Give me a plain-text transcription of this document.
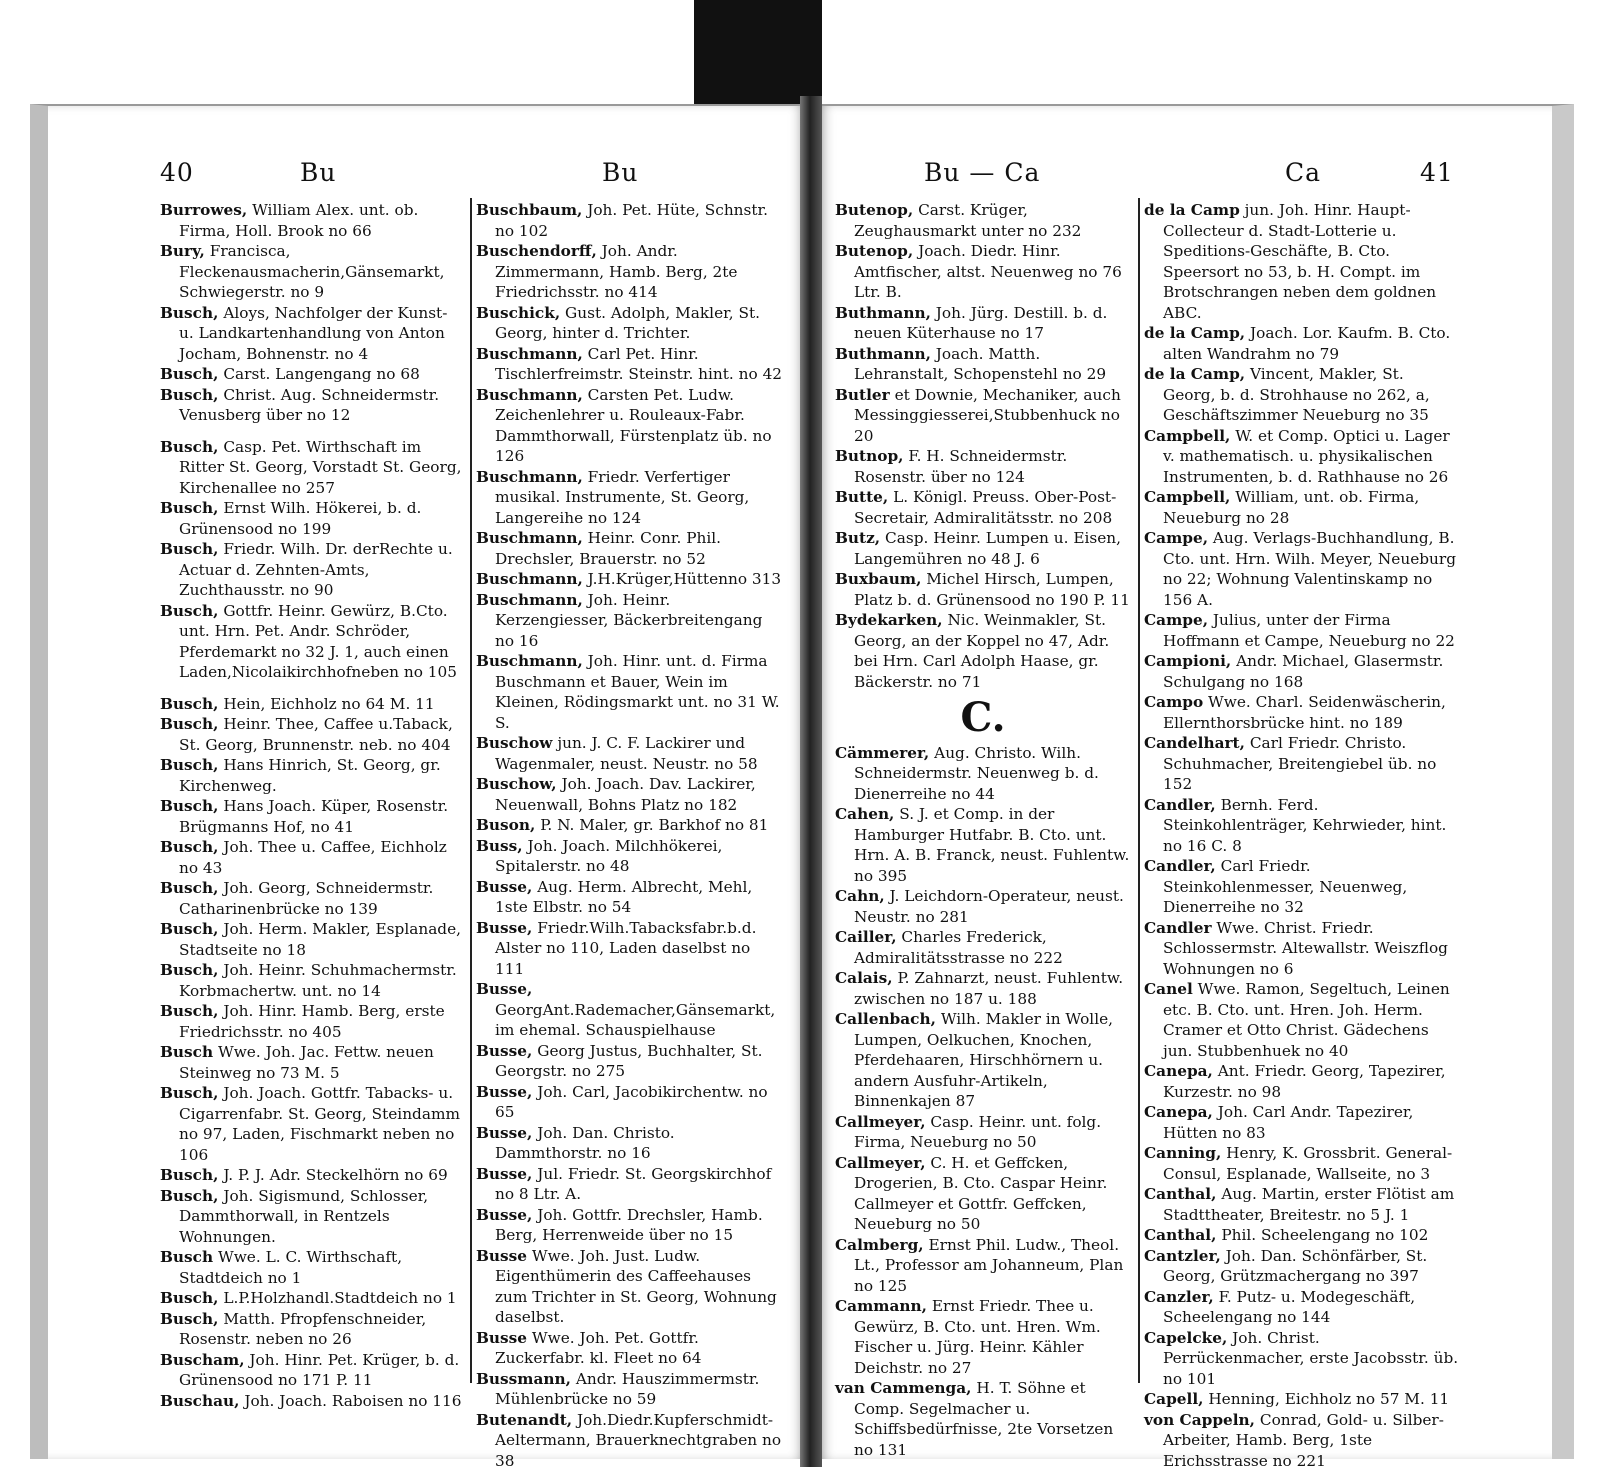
40	Bu	Bu	Bu — Ca	Ca	41

Burrowes, William Alex. unt. ob. Firma, Holl. Brook no 66

Bury, Francisca, Fleckenausmacherin,Gänsemarkt, Schwiegerstr. no 9

Busch, Aloys, Nachfolger der Kunst- u. Landkartenhandlung von Anton Jocham, Bohnenstr. no 4

Busch, Carst. Langengang no 68

Busch, Christ. Aug. Schneidermstr. Venusberg über no 12

Busch, Casp. Pet. Wirthschaft im Ritter St. Georg, Vorstadt St. Georg, Kirchenallee no 257

Busch, Ernst Wilh. Hökerei, b. d. Grünensood no 199

Busch, Friedr. Wilh. Dr. derRechte u. Actuar d. Zehnten-Amts, Zuchthausstr. no 90

Busch, Gottfr. Heinr. Gewürz, B.Cto. unt. Hrn. Pet. Andr. Schröder, Pferdemarkt no 32 J. 1, auch einen Laden,Nicolaikirchhofneben no 105

Busch, Hein, Eichholz no 64 M. 11

Busch, Heinr. Thee, Caffee u.Taback, St. Georg, Brunnenstr. neb. no 404

Busch, Hans Hinrich, St. Georg, gr. Kirchenweg.

Busch, Hans Joach. Küper, Rosenstr. Brügmanns Hof, no 41

Busch, Joh. Thee u. Caffee, Eichholz no 43

Busch, Joh. Georg, Schneidermstr. Catharinenbrücke no 139

Busch, Joh. Herm. Makler, Esplanade, Stadtseite no 18

Busch, Joh. Heinr. Schuhmachermstr. Korbmachertw. unt. no 14

Busch, Joh. Hinr. Hamb. Berg, erste Friedrichsstr. no 405

Busch Wwe. Joh. Jac. Fettw. neuen Steinweg no 73 M. 5

Busch, Joh. Joach. Gottfr. Tabacks- u. Cigarrenfabr. St. Georg, Steindamm no 97, Laden, Fischmarkt neben no 106

Busch, J. P. J. Adr. Steckelhörn no 69

Busch, Joh. Sigismund, Schlosser, Dammthorwall, in Rentzels Wohnungen.

Busch Wwe. L. C. Wirthschaft, Stadtdeich no 1

Busch, L.P.Holzhandl.Stadtdeich no 1

Busch, Matth. Pfropfenschneider, Rosenstr. neben no 26

Buscham, Joh. Hinr. Pet. Krüger, b. d. Grünensood no 171 P. 11

Buschau, Joh. Joach. Raboisen no 116

Buschbaum, Joh. Pet. Hüte, Schnstr. no 102

Buschendorff, Joh. Andr. Zimmermann, Hamb. Berg, 2te Friedrichsstr. no 414

Buschick, Gust. Adolph, Makler, St. Georg, hinter d. Trichter.

Buschmann, Carl Pet. Hinr. Tischlerfreimstr. Steinstr. hint. no 42

Buschmann, Carsten Pet. Ludw. Zeichenlehrer u. Rouleaux-Fabr. Dammthorwall, Fürstenplatz üb. no 126

Buschmann, Friedr. Verfertiger musikal. Instrumente, St. Georg, Langereihe no 124

Buschmann, Heinr. Conr. Phil. Drechsler, Brauerstr. no 52

Buschmann, J.H.Krüger,Hüttenno 313

Buschmann, Joh. Heinr. Kerzengiesser, Bäckerbreitengang no 16

Buschmann, Joh. Hinr. unt. d. Firma Buschmann et Bauer, Wein im Kleinen, Rödingsmarkt unt. no 31 W. S.

Buschow jun. J. C. F. Lackirer und Wagenmaler, neust. Neustr. no 58

Buschow, Joh. Joach. Dav. Lackirer, Neuenwall, Bohns Platz no 182

Buson, P. N. Maler, gr. Barkhof no 81

Buss, Joh. Joach. Milchhökerei, Spitalerstr. no 48

Busse, Aug. Herm. Albrecht, Mehl, 1ste Elbstr. no 54

Busse, Friedr.Wilh.Tabacksfabr.b.d. Alster no 110, Laden daselbst no 111

Busse, GeorgAnt.Rademacher,Gänsemarkt, im ehemal. Schauspielhause

Busse, Georg Justus, Buchhalter, St. Georgstr. no 275

Busse, Joh. Carl, Jacobikirchentw. no 65

Busse, Joh. Dan. Christo. Dammthorstr. no 16

Busse, Jul. Friedr. St. Georgskirchhof no 8 Ltr. A.

Busse, Joh. Gottfr. Drechsler, Hamb. Berg, Herrenweide über no 15

Busse Wwe. Joh. Just. Ludw. Eigenthümerin des Caffeehauses zum Trichter in St. Georg, Wohnung daselbst.

Busse Wwe. Joh. Pet. Gottfr. Zuckerfabr. kl. Fleet no 64

Bussmann, Andr. Hauszimmermstr. Mühlenbrücke no 59

Butenandt, Joh.Diedr.Kupferschmidt-Aeltermann, Brauerknechtgraben no 38

Butenop, Carst. Krüger, Zeughausmarkt unter no 232

Butenop, Joach. Diedr. Hinr. Amtfischer, altst. Neuenweg no 76 Ltr. B.

Buthmann, Joh. Jürg. Destill. b. d. neuen Küterhause no 17

Buthmann, Joach. Matth. Lehranstalt, Schopenstehl no 29

Butler et Downie, Mechaniker, auch Messinggiesserei,Stubbenhuck no 20

Butnop, F. H. Schneidermstr. Rosenstr. über no 124

Butte, L. Königl. Preuss. Ober-Post-Secretair, Admiralitätsstr. no 208

Butz, Casp. Heinr. Lumpen u. Eisen, Langemühren no 48 J. 6

Buxbaum, Michel Hirsch, Lumpen, Platz b. d. Grünensood no 190 P. 11

Bydekarken, Nic. Weinmakler, St. Georg, an der Koppel no 47, Adr. bei Hrn. Carl Adolph Haase, gr. Bäckerstr. no 71

C.

Cämmerer, Aug. Christo. Wilh. Schneidermstr. Neuenweg b. d. Dienerreihe no 44

Cahen, S. J. et Comp. in der Hamburger Hutfabr. B. Cto. unt. Hrn. A. B. Franck, neust. Fuhlentw. no 395

Cahn, J. Leichdorn-Operateur, neust. Neustr. no 281

Cailler, Charles Frederick, Admiralitätsstrasse no 222

Calais, P. Zahnarzt, neust. Fuhlentw. zwischen no 187 u. 188

Callenbach, Wilh. Makler in Wolle, Lumpen, Oelkuchen, Knochen, Pferdehaaren, Hirschhörnern u. andern Ausfuhr-Artikeln, Binnenkajen 87

Callmeyer, Casp. Heinr. unt. folg. Firma, Neueburg no 50

Callmeyer, C. H. et Geffcken, Drogerien, B. Cto. Caspar Heinr. Callmeyer et Gottfr. Geffcken, Neueburg no 50

Calmberg, Ernst Phil. Ludw., Theol. Lt., Professor am Johanneum, Plan no 125

Cammann, Ernst Friedr. Thee u. Gewürz, B. Cto. unt. Hren. Wm. Fischer u. Jürg. Heinr. Kähler Deichstr. no 27

van Cammenga, H. T. Söhne et Comp. Segelmacher u. Schiffsbedürfnisse, 2te Vorsetzen no 131

de la Camp jun. Joh. Hinr. Haupt-Collecteur d. Stadt-Lotterie u. Speditions-Geschäfte, B. Cto. Speersort no 53, b. H. Compt. im Brotschrangen neben dem goldnen ABC.

de la Camp, Joach. Lor. Kaufm. B. Cto. alten Wandrahm no 79

de la Camp, Vincent, Makler, St. Georg, b. d. Strohhause no 262, a, Geschäftszimmer Neueburg no 35

Campbell, W. et Comp. Optici u. Lager v. mathematisch. u. physikalischen Instrumenten, b. d. Rathhause no 26

Campbell, William, unt. ob. Firma, Neueburg no 28

Campe, Aug. Verlags-Buchhandlung, B. Cto. unt. Hrn. Wilh. Meyer, Neueburg no 22; Wohnung Valentinskamp no 156 A.

Campe, Julius, unter der Firma Hoffmann et Campe, Neueburg no 22

Campioni, Andr. Michael, Glasermstr. Schulgang no 168

Campo Wwe. Charl. Seidenwäscherin, Ellernthorsbrücke hint. no 189

Candelhart, Carl Friedr. Christo. Schuhmacher, Breitengiebel üb. no 152

Candler, Bernh. Ferd. Steinkohlenträger, Kehrwieder, hint. no 16 C. 8

Candler, Carl Friedr. Steinkohlenmesser, Neuenweg, Dienerreihe no 32

Candler Wwe. Christ. Friedr. Schlossermstr. Altewallstr. Weiszflog Wohnungen no 6

Canel Wwe. Ramon, Segeltuch, Leinen etc. B. Cto. unt. Hren. Joh. Herm. Cramer et Otto Christ. Gädechens jun. Stubbenhuek no 40

Canepa, Ant. Friedr. Georg, Tapezirer, Kurzestr. no 98

Canepa, Joh. Carl Andr. Tapezirer, Hütten no 83

Canning, Henry, K. Grossbrit. General-Consul, Esplanade, Wallseite, no 3

Canthal, Aug. Martin, erster Flötist am Stadttheater, Breitestr. no 5 J. 1

Canthal, Phil. Scheelengang no 102

Cantzler, Joh. Dan. Schönfärber, St. Georg, Grützmachergang no 397

Canzler, F. Putz- u. Modegeschäft, Scheelengang no 144

Capelcke, Joh. Christ. Perrückenmacher, erste Jacobsstr. üb. no 101

Capell, Henning, Eichholz no 57 M. 11

von Cappeln, Conrad, Gold- u. Silber-Arbeiter, Hamb. Berg, 1ste Erichsstrasse no 221
